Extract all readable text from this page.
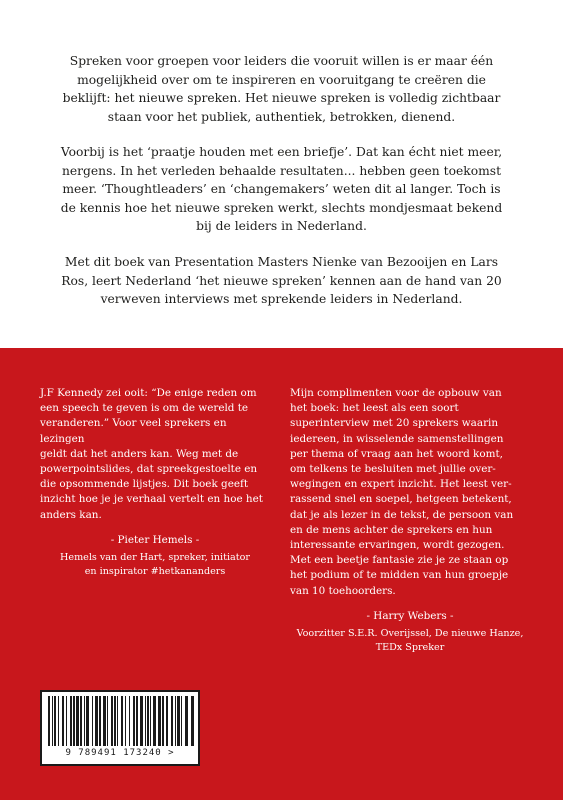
Spreken voor groepen voor leiders die vooruit willen is er maar één mogelijkheid over om te inspireren en vooruitgang te creëren die beklijft: het nieuwe spreken. Het nieuwe spreken is volledig zichtbaar staan voor het publiek, authentiek, betrokken, dienend.

Voorbij is het ‘praatje houden met een briefje’. Dat kan écht niet meer, nergens. In het verleden behaalde resultaten... hebben geen toekomst meer. ‘Thoughtleaders’ en ‘changemakers’ weten dit al langer. Toch is de kennis hoe het nieuwe spreken werkt, slechts mondjesmaat bekend bij de leiders in Nederland.

Met dit boek van Presentation Masters Nienke van Bezooijen en Lars Ros, leert Nederland ‘het nieuwe spreken’ kennen aan de hand van 20 verweven interviews met sprekende leiders in Nederland.

J.F Kennedy zei ooit: “De enige reden om
een speech te geven is om de wereld te
veranderen.” Voor veel sprekers en lezingen
geldt dat het anders kan. Weg met de
powerpointslides, dat spreekgestoelte en
die opsommende lijstjes. Dit boek geeft
inzicht hoe je je verhaal vertelt en hoe het
anders kan.

- Pieter Hemels -

Hemels van der Hart, spreker, initiator
en inspirator #hetkananders

Mijn complimenten voor de opbouw van
het boek: het leest als een soort
superinterview met 20 sprekers waarin
iedereen, in wisselende samenstellingen
per thema of vraag aan het woord komt,
om telkens te besluiten met jullie over-
wegingen en expert inzicht. Het leest ver-
rassend snel en soepel, hetgeen betekent,
dat je als lezer in de tekst, de persoon van
en de mens achter de sprekers en hun
interessante ervaringen, wordt gezogen.
Met een beetje fantasie zie je ze staan op
het podium of te midden van hun groepje
van 10 toehoorders.

- Harry Webers -

Voorzitter S.E.R. Overijssel, De nieuwe Hanze,
TEDx Spreker

9 789491 173240 >
